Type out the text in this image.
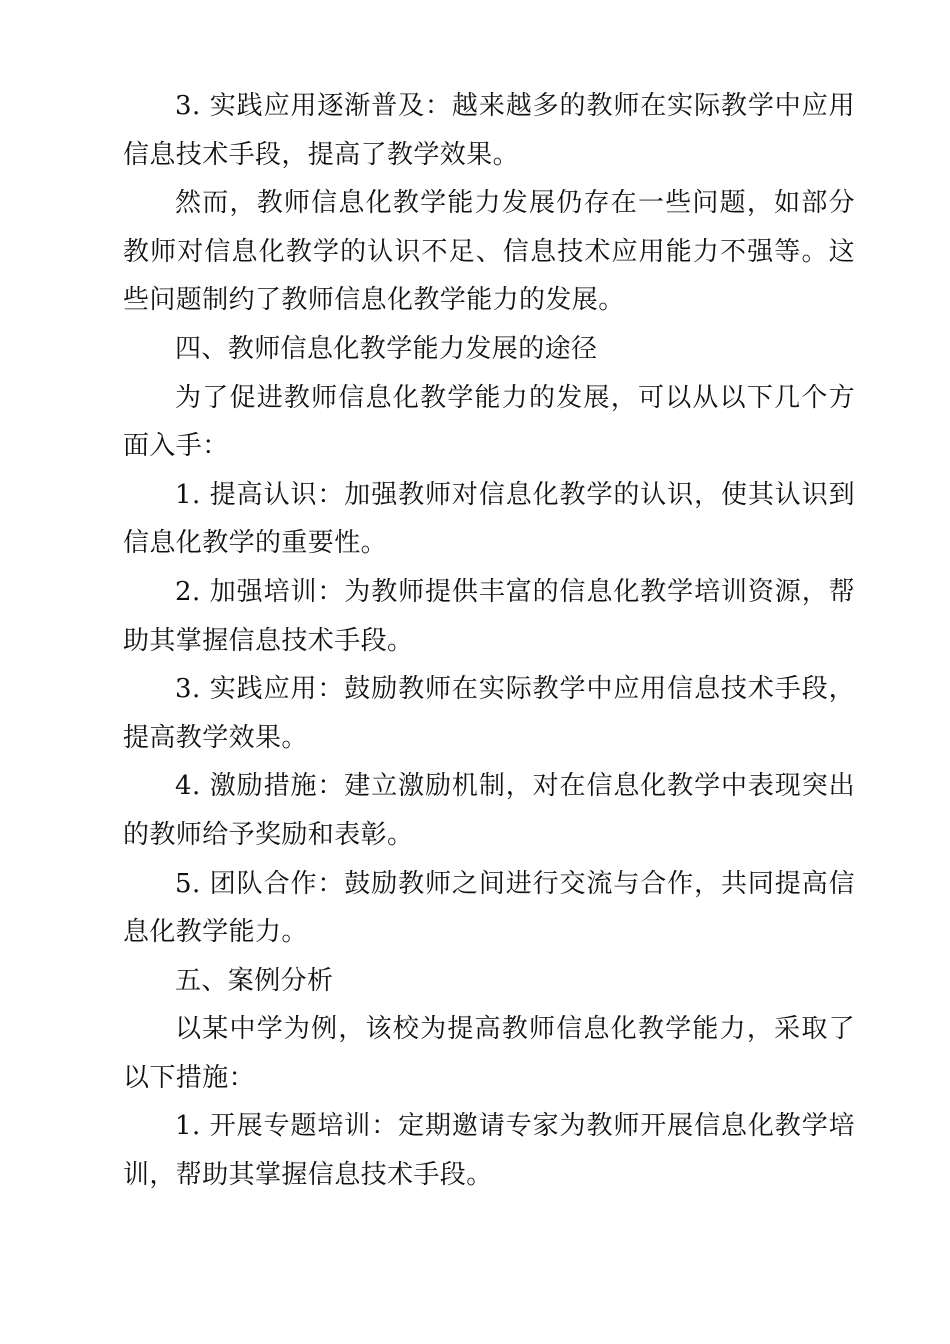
3. 实践应用逐渐普及：越来越多的教师在实际教学中应用信息技术手段，提高了教学效果。

然而，教师信息化教学能力发展仍存在一些问题，如部分教师对信息化教学的认识不足、信息技术应用能力不强等。这些问题制约了教师信息化教学能力的发展。

四、教师信息化教学能力发展的途径

为了促进教师信息化教学能力的发展，可以从以下几个方面入手：

1. 提高认识：加强教师对信息化教学的认识，使其认识到信息化教学的重要性。

2. 加强培训：为教师提供丰富的信息化教学培训资源，帮助其掌握信息技术手段。

3. 实践应用：鼓励教师在实际教学中应用信息技术手段，提高教学效果。

4. 激励措施：建立激励机制，对在信息化教学中表现突出的教师给予奖励和表彰。

5. 团队合作：鼓励教师之间进行交流与合作，共同提高信息化教学能力。

五、案例分析

以某中学为例，该校为提高教师信息化教学能力，采取了以下措施：

1. 开展专题培训：定期邀请专家为教师开展信息化教学培训，帮助其掌握信息技术手段。
